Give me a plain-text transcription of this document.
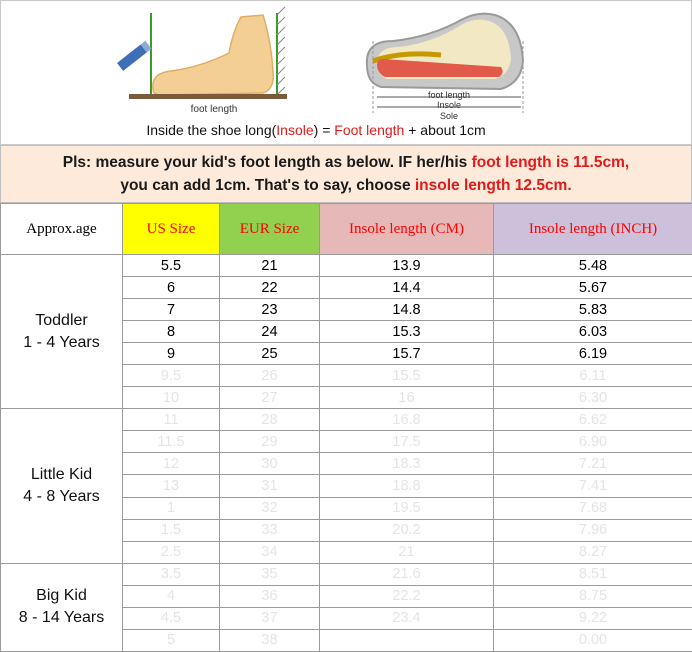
foot length
foot length
Insole
Sole
Inside the shoe long(Insole) = Foot length + about 1cm
Pls: measure your kid's foot length as below. IF her/his foot length is 11.5cm,
you can add 1cm. That's to say, choose insole length 12.5cm.
Approx.age	US Size	EUR Size	Insole length (CM)	Insole length (INCH)

Toddler
1 - 4 Years	5.5	21	13.9	5.48
	6	22	14.4	5.67
	7	23	14.8	5.83
	8	24	15.3	6.03
	9	25	15.7	6.19
	9.5	26	15.5	6.11
	10	27	16	6.30

Little Kid
4 - 8 Years	11	28	16.8	6.62
	11.5	29	17.5	6.90
	12	30	18.3	7.21
	13	31	18.8	7.41
	1	32	19.5	7.68
	1.5	33	20.2	7.96
	2.5	34	21	8.27

Big Kid
8 - 14 Years	3.5	35	21.6	8.51
	4	36	22.2	8.75
	4.5	37	23.4	9.22
	5	38		0.00
